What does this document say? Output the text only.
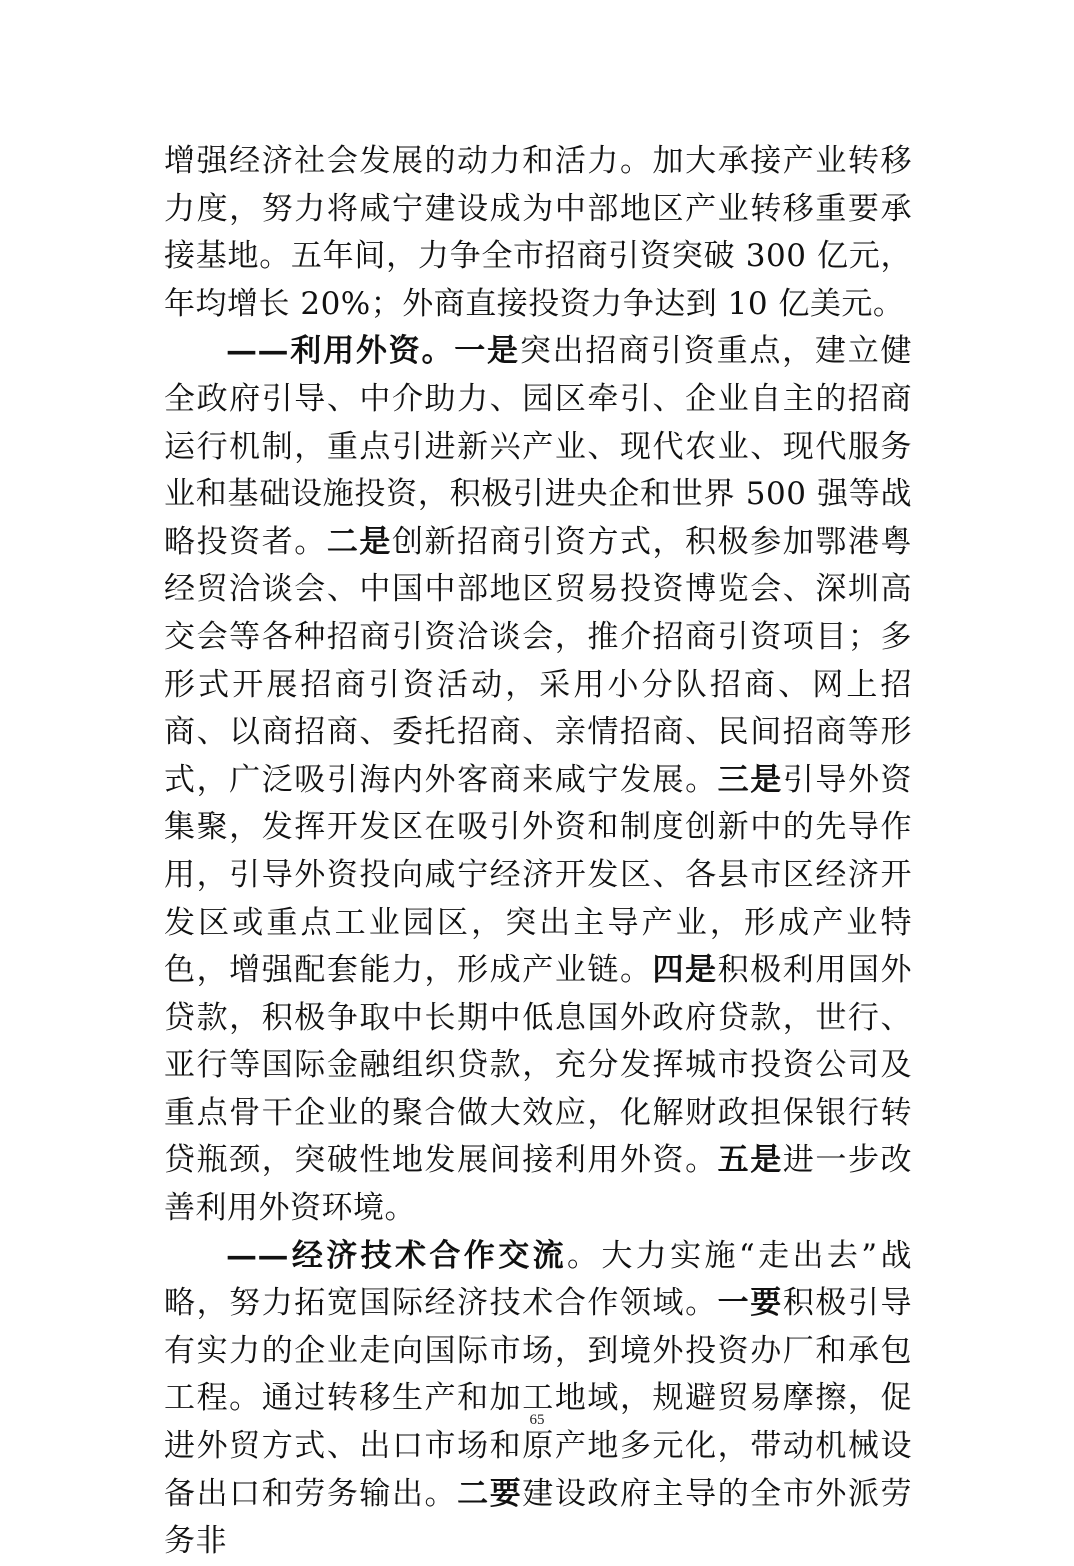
增强经济社会发展的动力和活力。加大承接产业转移力度，努力将咸宁建设成为中部地区产业转移重要承接基地。五年间，力争全市招商引资突破 300 亿元，年均增长 20%；外商直接投资力争达到 10 亿美元。

——利用外资。一是突出招商引资重点，建立健全政府引导、中介助力、园区牵引、企业自主的招商运行机制，重点引进新兴产业、现代农业、现代服务业和基础设施投资，积极引进央企和世界 500 强等战略投资者。二是创新招商引资方式，积极参加鄂港粤经贸洽谈会、中国中部地区贸易投资博览会、深圳高交会等各种招商引资洽谈会，推介招商引资项目；多形式开展招商引资活动，采用小分队招商、网上招商、以商招商、委托招商、亲情招商、民间招商等形式，广泛吸引海内外客商来咸宁发展。三是引导外资集聚，发挥开发区在吸引外资和制度创新中的先导作用，引导外资投向咸宁经济开发区、各县市区经济开发区或重点工业园区，突出主导产业，形成产业特色，增强配套能力，形成产业链。四是积极利用国外贷款，积极争取中长期中低息国外政府贷款，世行、亚行等国际金融组织贷款，充分发挥城市投资公司及重点骨干企业的聚合做大效应，化解财政担保银行转贷瓶颈，突破性地发展间接利用外资。五是进一步改善利用外资环境。

——经济技术合作交流。大力实施“走出去”战略，努力拓宽国际经济技术合作领域。一要积极引导有实力的企业走向国际市场，到境外投资办厂和承包工程。通过转移生产和加工地域，规避贸易摩擦，促进外贸方式、出口市场和原产地多元化，带动机械设备出口和劳务输出。二要建设政府主导的全市外派劳务非

65
